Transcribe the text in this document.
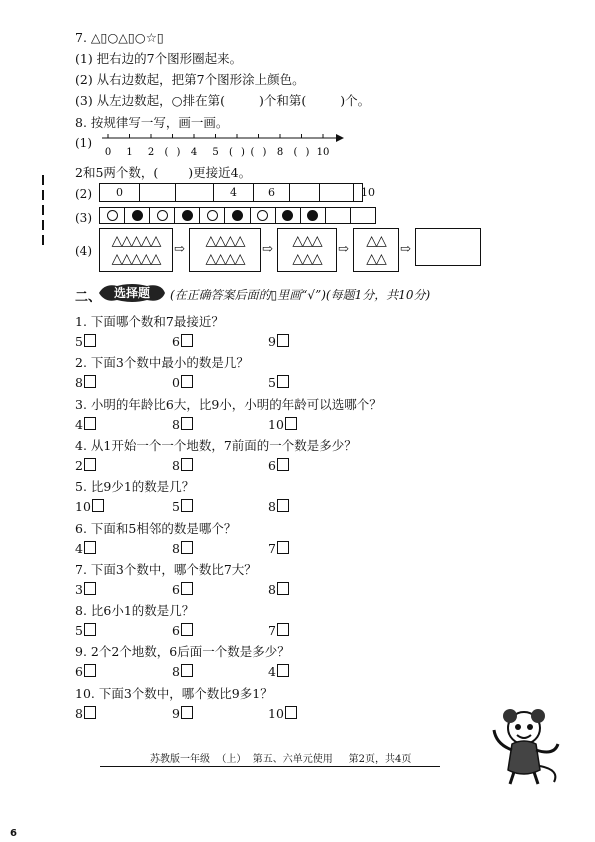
7. △▯○△▯○☆▯
(1) 把右边的7个图形圈起来。
(2) 从右边数起，把第7个图形涂上颜色。
(3) 从左边数起，○排在第(	)个和第(	)个。
8. 按规律写一写，画一画。
(1)
0 1 2 ( ) 4 5 ( ) ( ) 8 ( ) 10
2和5两个数，( )更接近4。
(2)	0	4	6	10
(3)
(4)
△△△△△
△△△△△
⇨
△△△△
△△△△
⇨
△△△
△△△
⇨
△△
△△
⇨
二、	选择题	(在正确答案后面的▯里画“√”)(每题1分，共10分)
1. 下面哪个数和7最接近？
5	6	9
2. 下面3个数中最小的数是几？
8	0	5
3. 小明的年龄比6大，比9小，小明的年龄可以选哪个？
4	8	10
4. 从1开始一个一个地数，7前面的一个数是多少？
2	8	6
5. 比9少1的数是几？
10	5	8
6. 下面和5相邻的数是哪个？
4	8	7
7. 下面3个数中，哪个数比7大？
3	6	8
8. 比6小1的数是几？
5	6	7
9. 2个2个地数，6后面一个数是多少？
6	8	4
10. 下面3个数中，哪个数比9多1？
8	9	10
苏教版一年级  （上）  第五、六单元使用     第2页，共4页
6
